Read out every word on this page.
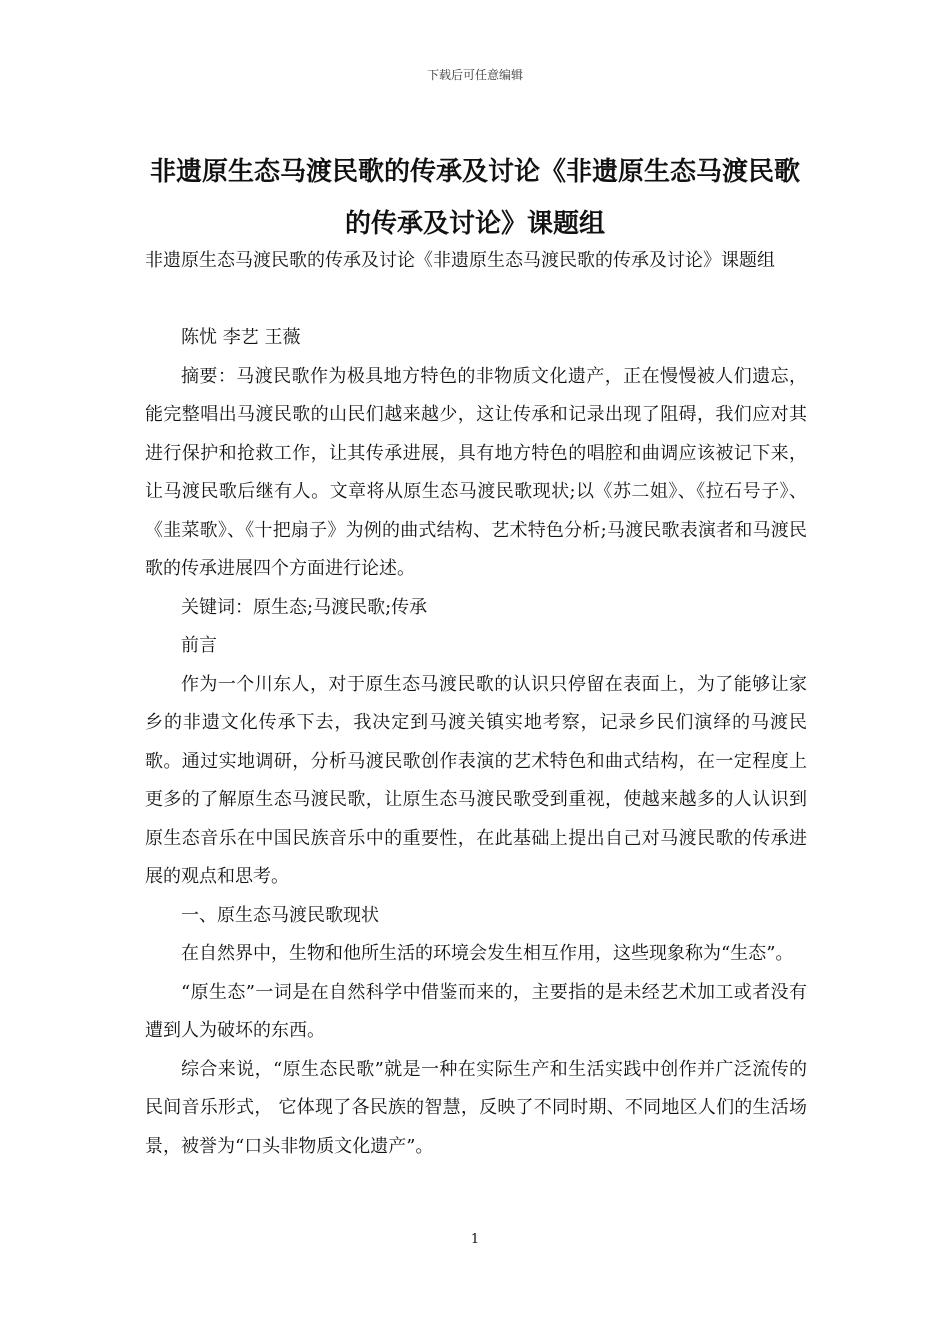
下载后可任意编辑
非遗原生态马渡民歌的传承及讨论《非遗原生态马渡民歌的传承及讨论》课题组

非遗原生态马渡民歌的传承及讨论《非遗原生态马渡民歌的传承及讨论》课题组

陈忧 李艺 王薇

摘要：马渡民歌作为极具地方特色的非物质文化遗产，正在慢慢被人们遗忘，能完整唱出马渡民歌的山民们越来越少，这让传承和记录出现了阻碍，我们应对其进行保护和抢救工作，让其传承进展，具有地方特色的唱腔和曲调应该被记下来，让马渡民歌后继有人。文章将从原生态马渡民歌现状;以《苏二姐》、《拉石号子》、《韭菜歌》、《十把扇子》为例的曲式结构、艺术特色分析;马渡民歌表演者和马渡民歌的传承进展四个方面进行论述。

关键词：原生态;马渡民歌;传承

前言

作为一个川东人，对于原生态马渡民歌的认识只停留在表面上，为了能够让家乡的非遗文化传承下去，我决定到马渡关镇实地考察，记录乡民们演绎的马渡民歌。通过实地调研，分析马渡民歌创作表演的艺术特色和曲式结构，在一定程度上更多的了解原生态马渡民歌，让原生态马渡民歌受到重视，使越来越多的人认识到原生态音乐在中国民族音乐中的重要性，在此基础上提出自己对马渡民歌的传承进展的观点和思考。

一、原生态马渡民歌现状

在自然界中，生物和他所生活的环境会发生相互作用，这些现象称为“生态”。

“原生态”一词是在自然科学中借鉴而来的，主要指的是未经艺术加工或者没有遭到人为破坏的东西。

综合来说，“原生态民歌”就是一种在实际生产和生活实践中创作并广泛流传的民间音乐形式， 它体现了各民族的智慧，反映了不同时期、不同地区人们的生活场景，被誉为“口头非物质文化遗产”。

1
